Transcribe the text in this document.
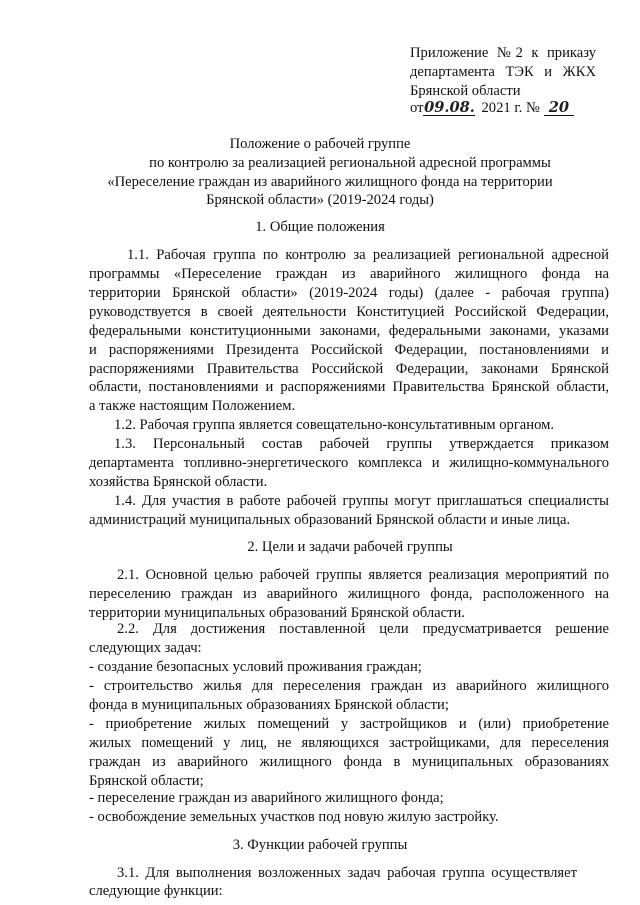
Приложение №2 к приказу
департамента ТЭК и ЖКХ
Брянской области
от09.08. 2021 г. № 20
Положение о рабочей группе
по контролю за реализацией региональной адресной программы
«Переселение граждан из аварийного жилищного фонда на территории
Брянской области» (2019-2024 годы)
1. Общие положения
1.1. Рабочая группа по контролю за реализацией региональной адресной
программы «Переселение граждан из аварийного жилищного фонда на
территории Брянской области» (2019-2024 годы) (далее - рабочая группа)
руководствуется в своей деятельности Конституцией Российской Федерации,
федеральными конституционными законами, федеральными законами, указами
и распоряжениями Президента Российской Федерации, постановлениями и
распоряжениями Правительства Российской Федерации, законами Брянской
области, постановлениями и распоряжениями Правительства Брянской области,
а также настоящим Положением.
1.2. Рабочая группа является совещательно-консультативным органом.
1.3. Персональный состав рабочей группы утверждается приказом
департамента топливно-энергетического комплекса и жилищно-коммунального
хозяйства Брянской области.
1.4. Для участия в работе рабочей группы могут приглашаться специалисты
администраций муниципальных образований Брянской области и иные лица.
2. Цели и задачи рабочей группы
2.1. Основной целью рабочей группы является реализация мероприятий по
переселению граждан из аварийного жилищного фонда, расположенного на
территории муниципальных образований Брянской области.
2.2. Для достижения поставленной цели предусматривается решение
следующих задач:
- создание безопасных условий проживания граждан;
- строительство жилья для переселения граждан из аварийного жилищного
фонда в муниципальных образованиях Брянской области;
- приобретение жилых помещений у застройщиков и (или) приобретение
жилых помещений у лиц, не являющихся застройщиками, для переселения
граждан из аварийного жилищного фонда в муниципальных образованиях
Брянской области;
- переселение граждан из аварийного жилищного фонда;
- освобождение земельных участков под новую жилую застройку.
3. Функции рабочей группы
3.1. Для выполнения возложенных задач рабочая группа осуществляет
следующие функции:
